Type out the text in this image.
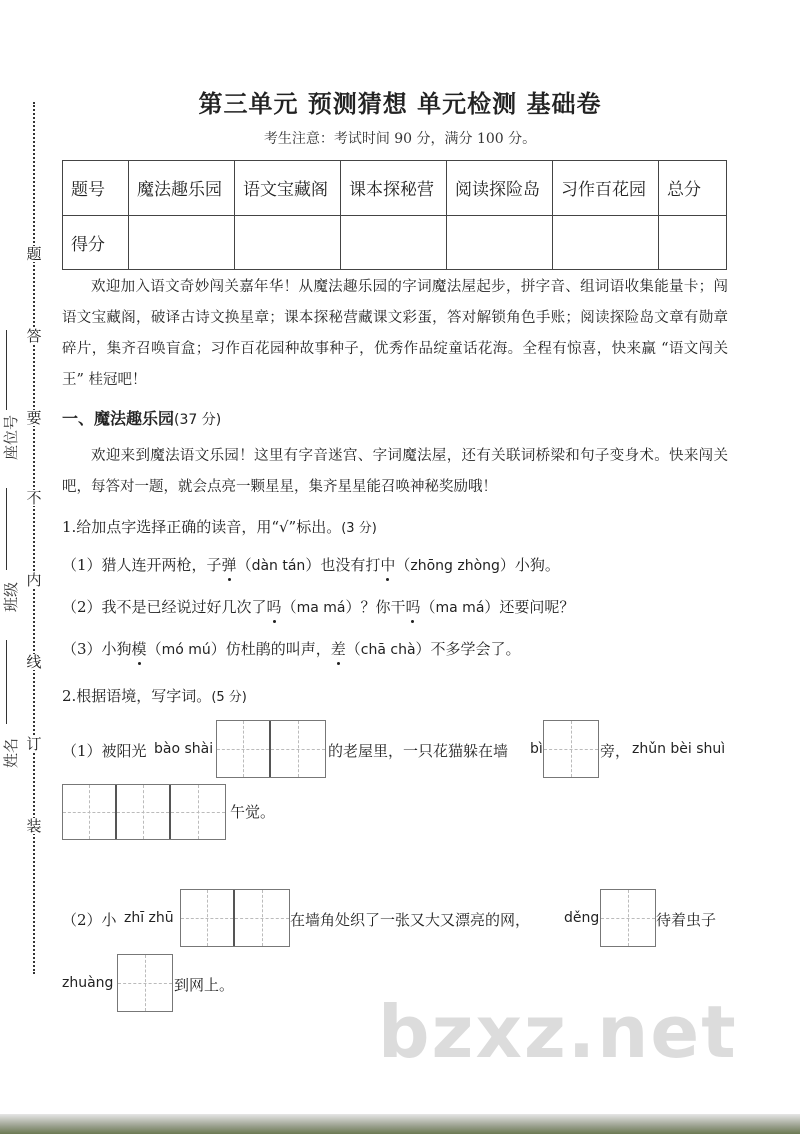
题
答
要
不
内
线
订
装
座位号
班级
姓名
第三单元 预测猜想 单元检测 基础卷
考生注意：考试时间 90 分，满分 100 分。
题号	魔法趣乐园	语文宝藏阁	课本探秘营	阅读探险岛	习作百花园	总分
得分						
欢迎加入语文奇妙闯关嘉年华！从魔法趣乐园的字词魔法屋起步，拼字音、组词语收集能量卡；闯语文宝藏阁，破译古诗文换星章；课本探秘营藏课文彩蛋，答对解锁角色手账；阅读探险岛文章有勋章碎片，集齐召唤盲盒；习作百花园种故事种子，优秀作品绽童话花海。全程有惊喜，快来赢 “语文闯关王” 桂冠吧！
一、魔法趣乐园(37 分)
欢迎来到魔法语文乐园！这里有字音迷宫、字词魔法屋，还有关联词桥梁和句子变身术。快来闯关吧，每答对一题，就会点亮一颗星星，集齐星星能召唤神秘奖励哦！
1.给加点字选择正确的读音，用“√”标出。(3 分)
（1）猎人连开两枪，子弹（dàn tán）也没有打中（zhōng zhòng）小狗。
（2）我不是已经说过好几次了吗（ma má）？你干吗（ma má）还要问呢？
（3）小狗模（mó mú）仿杜鹃的叫声，差（chā chà）不多学会了。
2.根据语境，写字词。(5 分)
（1）被阳光 bào shài	的老屋里，一只花猫躲在墙 bì	旁， zhǔn bèi shuì
午觉。
（2）小 zhī zhū	在墙角处织了一张又大又漂亮的网， děng	待着虫子
zhuàng	到网上。
bzxz.net
